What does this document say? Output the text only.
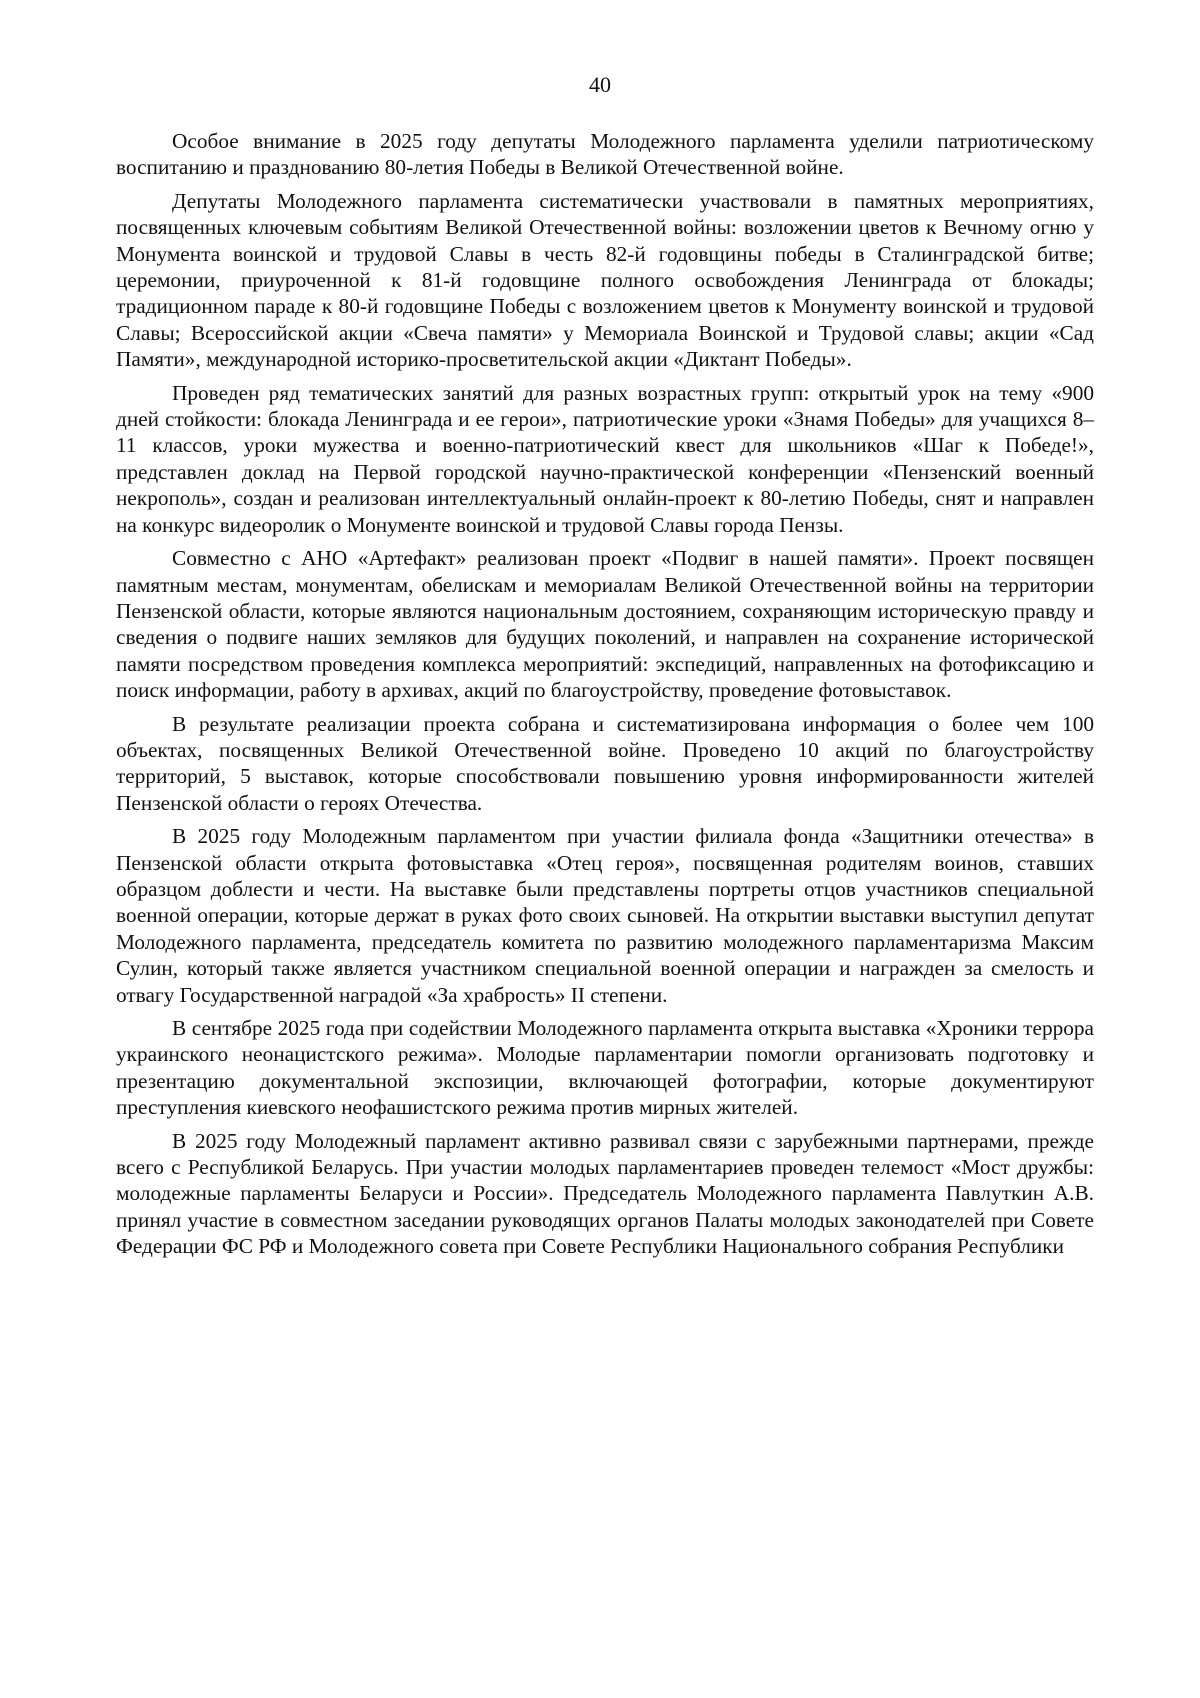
40

Особое внимание в 2025 году депутаты Молодежного парламента уделили патриотическому воспитанию и празднованию 80-летия Победы в Великой Отечественной войне.

Депутаты Молодежного парламента систематически участвовали в памятных мероприятиях, посвященных ключевым событиям Великой Отечественной войны: возложении цветов к Вечному огню у Монумента воинской и трудовой Славы в честь 82-й годовщины победы в Сталинградской битве; церемонии, приуроченной к 81-й годовщине полного освобождения Ленинграда от блокады; традиционном параде к 80-й годовщине Победы с возложением цветов к Монументу воинской и трудовой Славы; Всероссийской акции «Свеча памяти» у Мемориала Воинской и Трудовой славы; акции «Сад Памяти», международной историко-просветительской акции «Диктант Победы».

Проведен ряд тематических занятий для разных возрастных групп: открытый урок на тему «900 дней стойкости: блокада Ленинграда и ее герои», патриотические уроки «Знамя Победы» для учащихся 8–11 классов, уроки мужества и военно-патриотический квест для школьников «Шаг к Победе!», представлен доклад на Первой городской научно-практической конференции «Пензенский военный некрополь», создан и реализован интеллектуальный онлайн-проект к 80-летию Победы, снят и направлен на конкурс видеоролик о Монументе воинской и трудовой Славы города Пензы.

Совместно с АНО «Артефакт» реализован проект «Подвиг в нашей памяти». Проект посвящен памятным местам, монументам, обелискам и мемориалам Великой Отечественной войны на территории Пензенской области, которые являются национальным достоянием, сохраняющим историческую правду и сведения о подвиге наших земляков для будущих поколений, и направлен на сохранение исторической памяти посредством проведения комплекса мероприятий: экспедиций, направленных на фотофиксацию и поиск информации, работу в архивах, акций по благоустройству, проведение фотовыставок.

В результате реализации проекта собрана и систематизирована информация о более чем 100 объектах, посвященных Великой Отечественной войне. Проведено 10 акций по благоустройству территорий, 5 выставок, которые способствовали повышению уровня информированности жителей Пензенской области о героях Отечества.

В 2025 году Молодежным парламентом при участии филиала фонда «Защитники отечества» в Пензенской области открыта фотовыставка «Отец героя», посвященная родителям воинов, ставших образцом доблести и чести. На выставке были представлены портреты отцов участников специальной военной операции, которые держат в руках фото своих сыновей. На открытии выставки выступил депутат Молодежного парламента, председатель комитета по развитию молодежного парламентаризма Максим Сулин, который также является участником специальной военной операции и награжден за смелость и отвагу Государственной наградой «За храбрость» II степени.

В сентябре 2025 года при содействии Молодежного парламента открыта выставка «Хроники террора украинского неонацистского режима». Молодые парламентарии помогли организовать подготовку и презентацию документальной экспозиции, включающей фотографии, которые документируют преступления киевского неофашистского режима против мирных жителей.

В 2025 году Молодежный парламент активно развивал связи с зарубежными партнерами, прежде всего с Республикой Беларусь. При участии молодых парламентариев проведен телемост «Мост дружбы: молодежные парламенты Беларуси и России». Председатель Молодежного парламента Павлуткин А.В. принял участие в совместном заседании руководящих органов Палаты молодых законодателей при Совете Федерации ФС РФ и Молодежного совета при Совете Республики Национального собрания Республики
